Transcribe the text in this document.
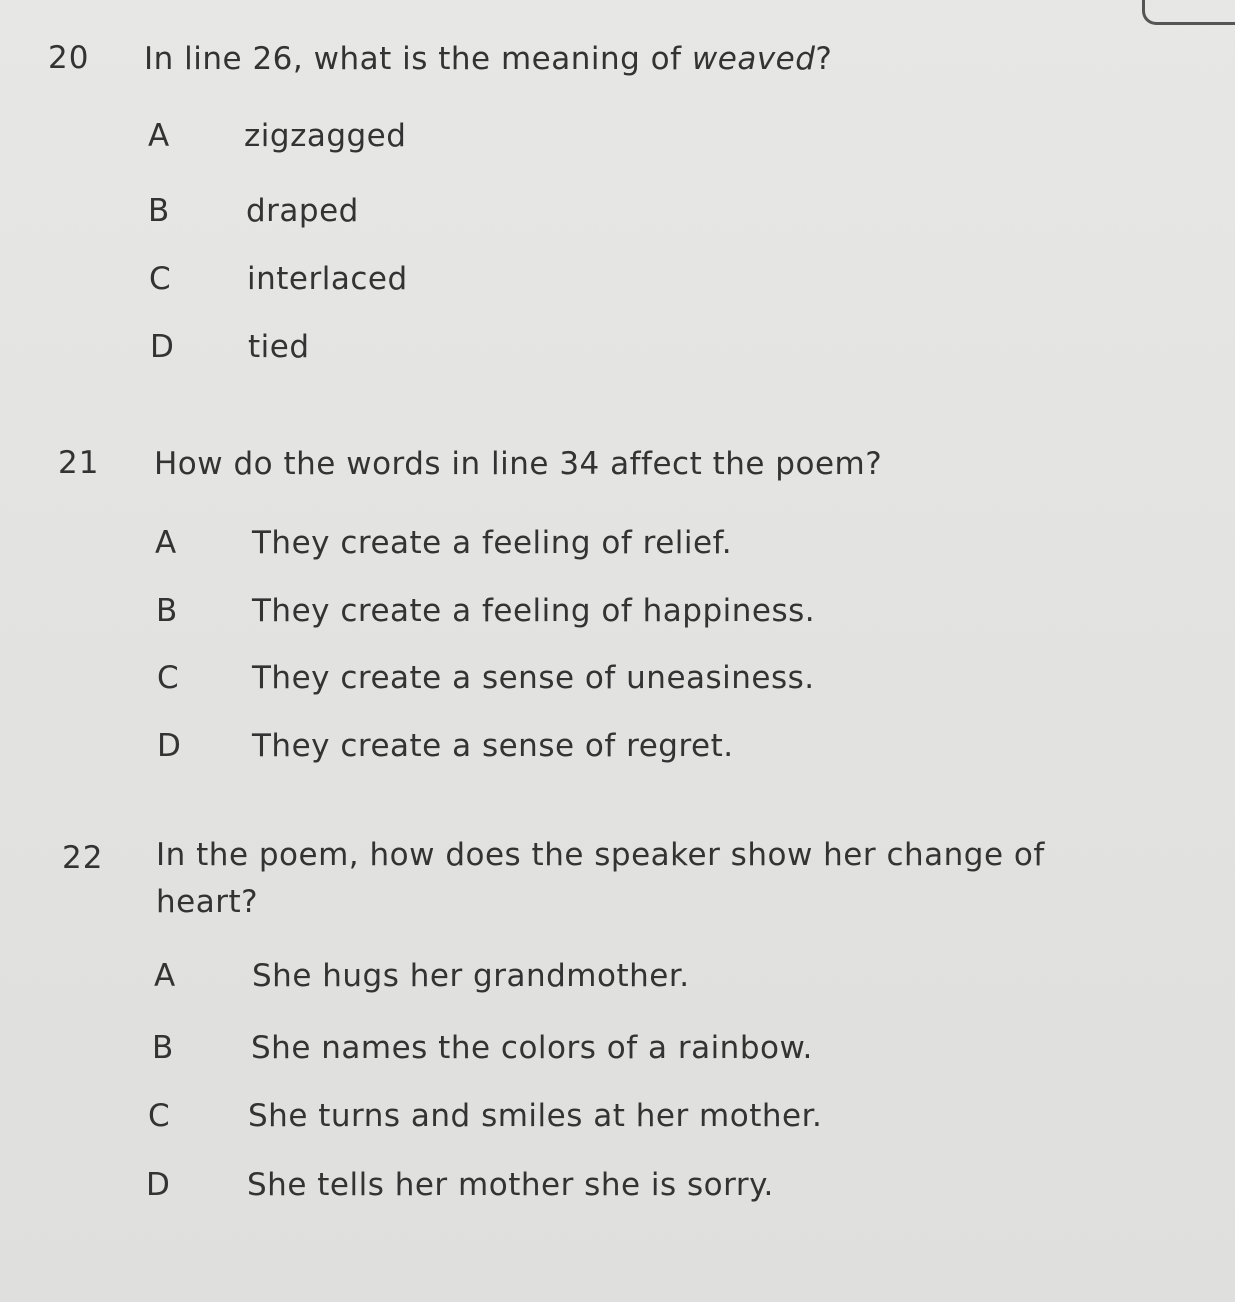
20 In line 26, what is the meaning of weaved?
A zigzagged
B draped
C interlaced
D tied
21 How do the words in line 34 affect the poem?
A They create a feeling of relief.
B They create a feeling of happiness.
C They create a sense of uneasiness.
D They create a sense of regret.
22 In the poem, how does the speaker show her change of
heart?
A She hugs her grandmother.
B	She names the colors of a rainbow.
C	She turns and smiles at her mother.
D She tells her mother she is sorry.
